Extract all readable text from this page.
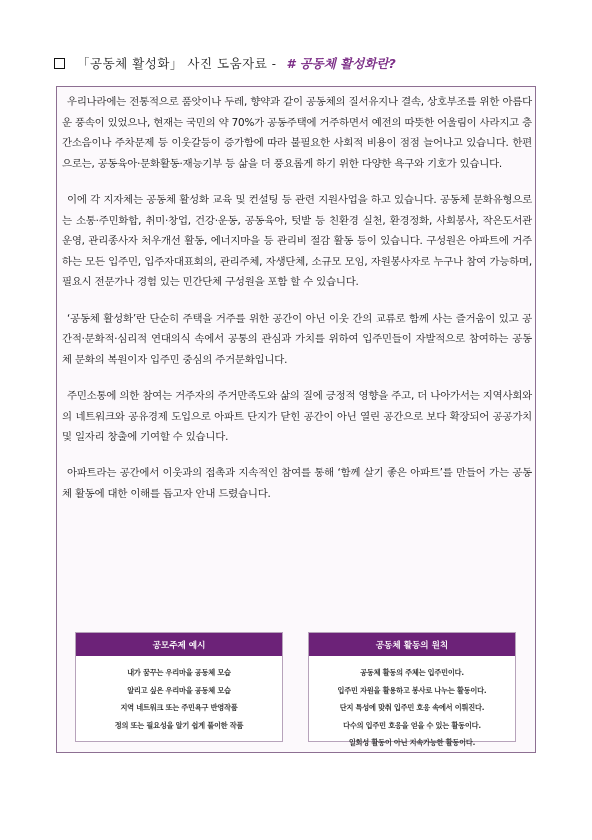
「공동체 활성화」 사진 도움자료 - # 공동체 활성화란?

우리나라에는 전통적으로 품앗이나 두레, 향약과 같이 공동체의 질서유지나 결속, 상호부조를 위한 아름다운 풍속이 있었으나, 현재는 국민의 약 70%가 공동주택에 거주하면서 예전의 따뜻한 어울림이 사라지고 층간소음이나 주차문제 등 이웃갈등이 증가함에 따라 불필요한 사회적 비용이 점점 늘어나고 있습니다. 한편으로는, 공동육아·문화활동·재능기부 등 삶을 더 풍요롭게 하기 위한 다양한 욕구와 기호가 있습니다.

이에 각 지자체는 공동체 활성화 교육 및 컨설팅 등 관련 지원사업을 하고 있습니다. 공동체 문화유형으로는 소통·주민화합, 취미·창업, 건강·운동, 공동육아, 텃밭 등 친환경 실천, 환경정화, 사회봉사, 작은도서관 운영, 관리종사자 처우개선 활동, 에너지마을 등 관리비 절감 활동 등이 있습니다. 구성원은 아파트에 거주하는 모든 입주민, 입주자대표회의, 관리주체, 자생단체, 소규모 모임, 자원봉사자로 누구나 참여 가능하며, 필요시 전문가나 경험 있는 민간단체 구성원을 포함 할 수 있습니다.

‘공동체 활성화’란 단순히 주택을 거주를 위한 공간이 아닌 이웃 간의 교류로 함께 사는 즐거움이 있고 공간적·문화적·심리적 연대의식 속에서 공통의 관심과 가치를 위하여 입주민들이 자발적으로 참여하는 공동체 문화의 복원이자 입주민 중심의 주거문화입니다.

주민소통에 의한 참여는 거주자의 주거만족도와 삶의 질에 긍정적 영향을 주고, 더 나아가서는 지역사회와의 네트워크와 공유경제 도입으로 아파트 단지가 닫힌 공간이 아닌 열린 공간으로 보다 확장되어 공공가치 및 일자리 창출에 기여할 수 있습니다.

아파트라는 공간에서 이웃과의 접촉과 지속적인 참여를 통해 ‘함께 살기 좋은 아파트’를 만들어 가는 공동체 활동에 대한 이해를 돕고자 안내 드렸습니다.

공모주제 예시
내가 꿈꾸는 우리마을 공동체 모습
알리고 싶은 우리마을 공동체 모습
지역 네트워크 또는 주민욕구 반영작품
정의 또는 필요성을 알기 쉽게 풀이한 작품
공동체 활동의 원칙
공동체 활동의 주체는 입주민이다.
입주민 자원을 활용하고 봉사로 나누는 활동이다.
단지 특성에 맞춰 입주민 호응 속에서 이뤄진다.
다수의 입주민 호응을 얻을 수 있는 활동이다.
일회성 활동이 아닌 지속가능한 활동이다.
